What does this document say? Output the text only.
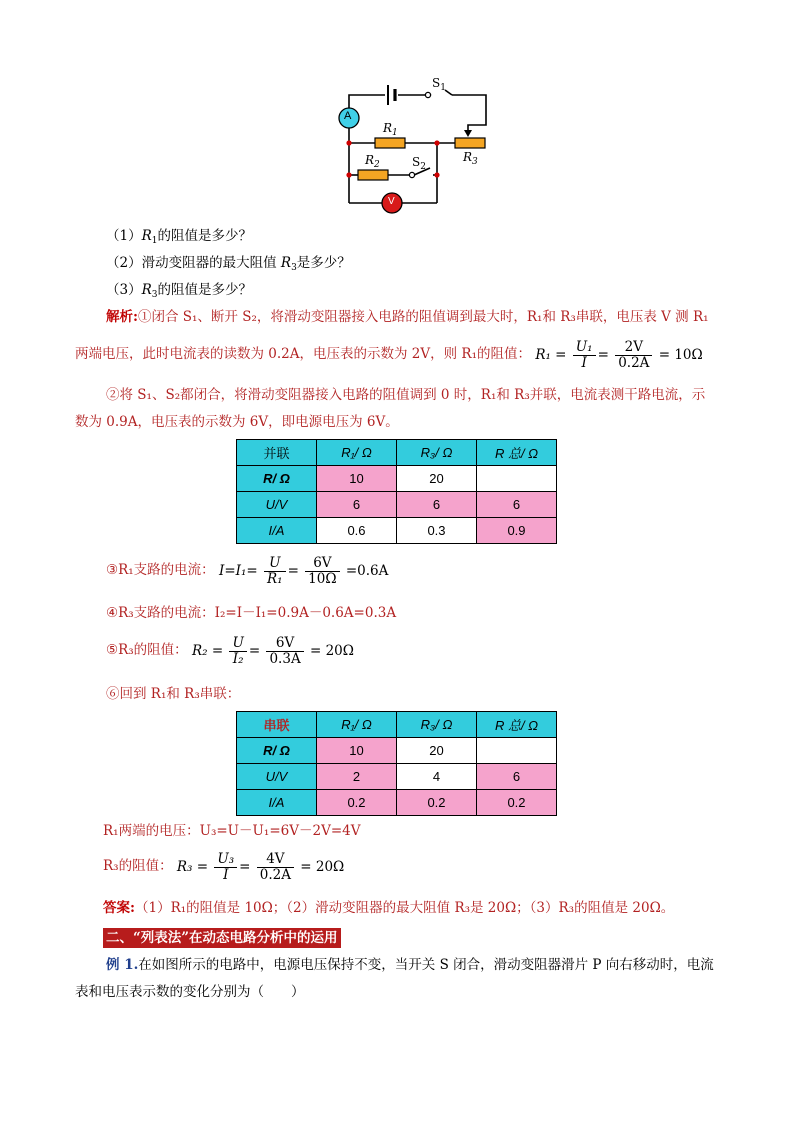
A
V
$R_1$
$R_2$
$R_3$
$S_1$
$S_2$
$(1)R_1$的阻值是多少？
（2）滑动变阻器的最大阻值 $R_3$是多少？
$(3)R_3$的阻值是多少？
解析:①闭合 S₁、断开 S₂，将滑动变阻器接入电路的阻值调到最大时，R₁和 R₃串联，电压表 V 测 R₁
两端电压，此时电流表的读数为 0.2A，电压表的示数为 2V，则 R₁的阻值： $R_1 = \frac{\text{U₁}}{I} = \frac{2V}{0.2A} = 10\Omega$
②将 S₁、S₂都闭合，将滑动变阻器接入电路的阻值调到 0 时，R₁和 R₃并联，电流表测干路电流，示
数为 0.9A，电压表的示数为 6V，即电源电压为 6V。
并联	R₁/ Ω	R₃/ Ω	R 总/ Ω
R/ Ω	10	20	
U/V	6	6	6
I/A	0.6	0.3	0.9
③R₁支路的电流： $I=I_1= \frac{U}{\text{R₁}} = \frac{6V}{10\Omega} =0.6A$
④R₃支路的电流：I₂=I－I₁=0.9A－0.6A=0.3A
⑤R₃的阻值： $R_2 = \frac{U}{\text{I₂}} = \frac{6V}{0.3A} = 20\Omega$
⑥回到 R₁和 R₃串联：
串联	R₁/ Ω	R₃/ Ω	R 总/ Ω
R/ Ω	10	20	
U/V	2	4	6
I/A	0.2	0.2	0.2
R₁两端的电压：U₃=U－U₁=6V－2V=4V
R₃的阻值： $R_3 = \frac{\text{U₃}}{I} = \frac{4V}{0.2A} = 20\Omega$
答案:（1）R₁的阻值是 10Ω；（2）滑动变阻器的最大阻值 R₃是 20Ω；（3）R₃的阻值是 20Ω。
二、“列表法”在动态电路分析中的运用
例 1.在如图所示的电路中，电源电压保持不变，当开关 S 闭合，滑动变阻器滑片 P 向右移动时，电流
表和电压表示数的变化分别为（　　）
